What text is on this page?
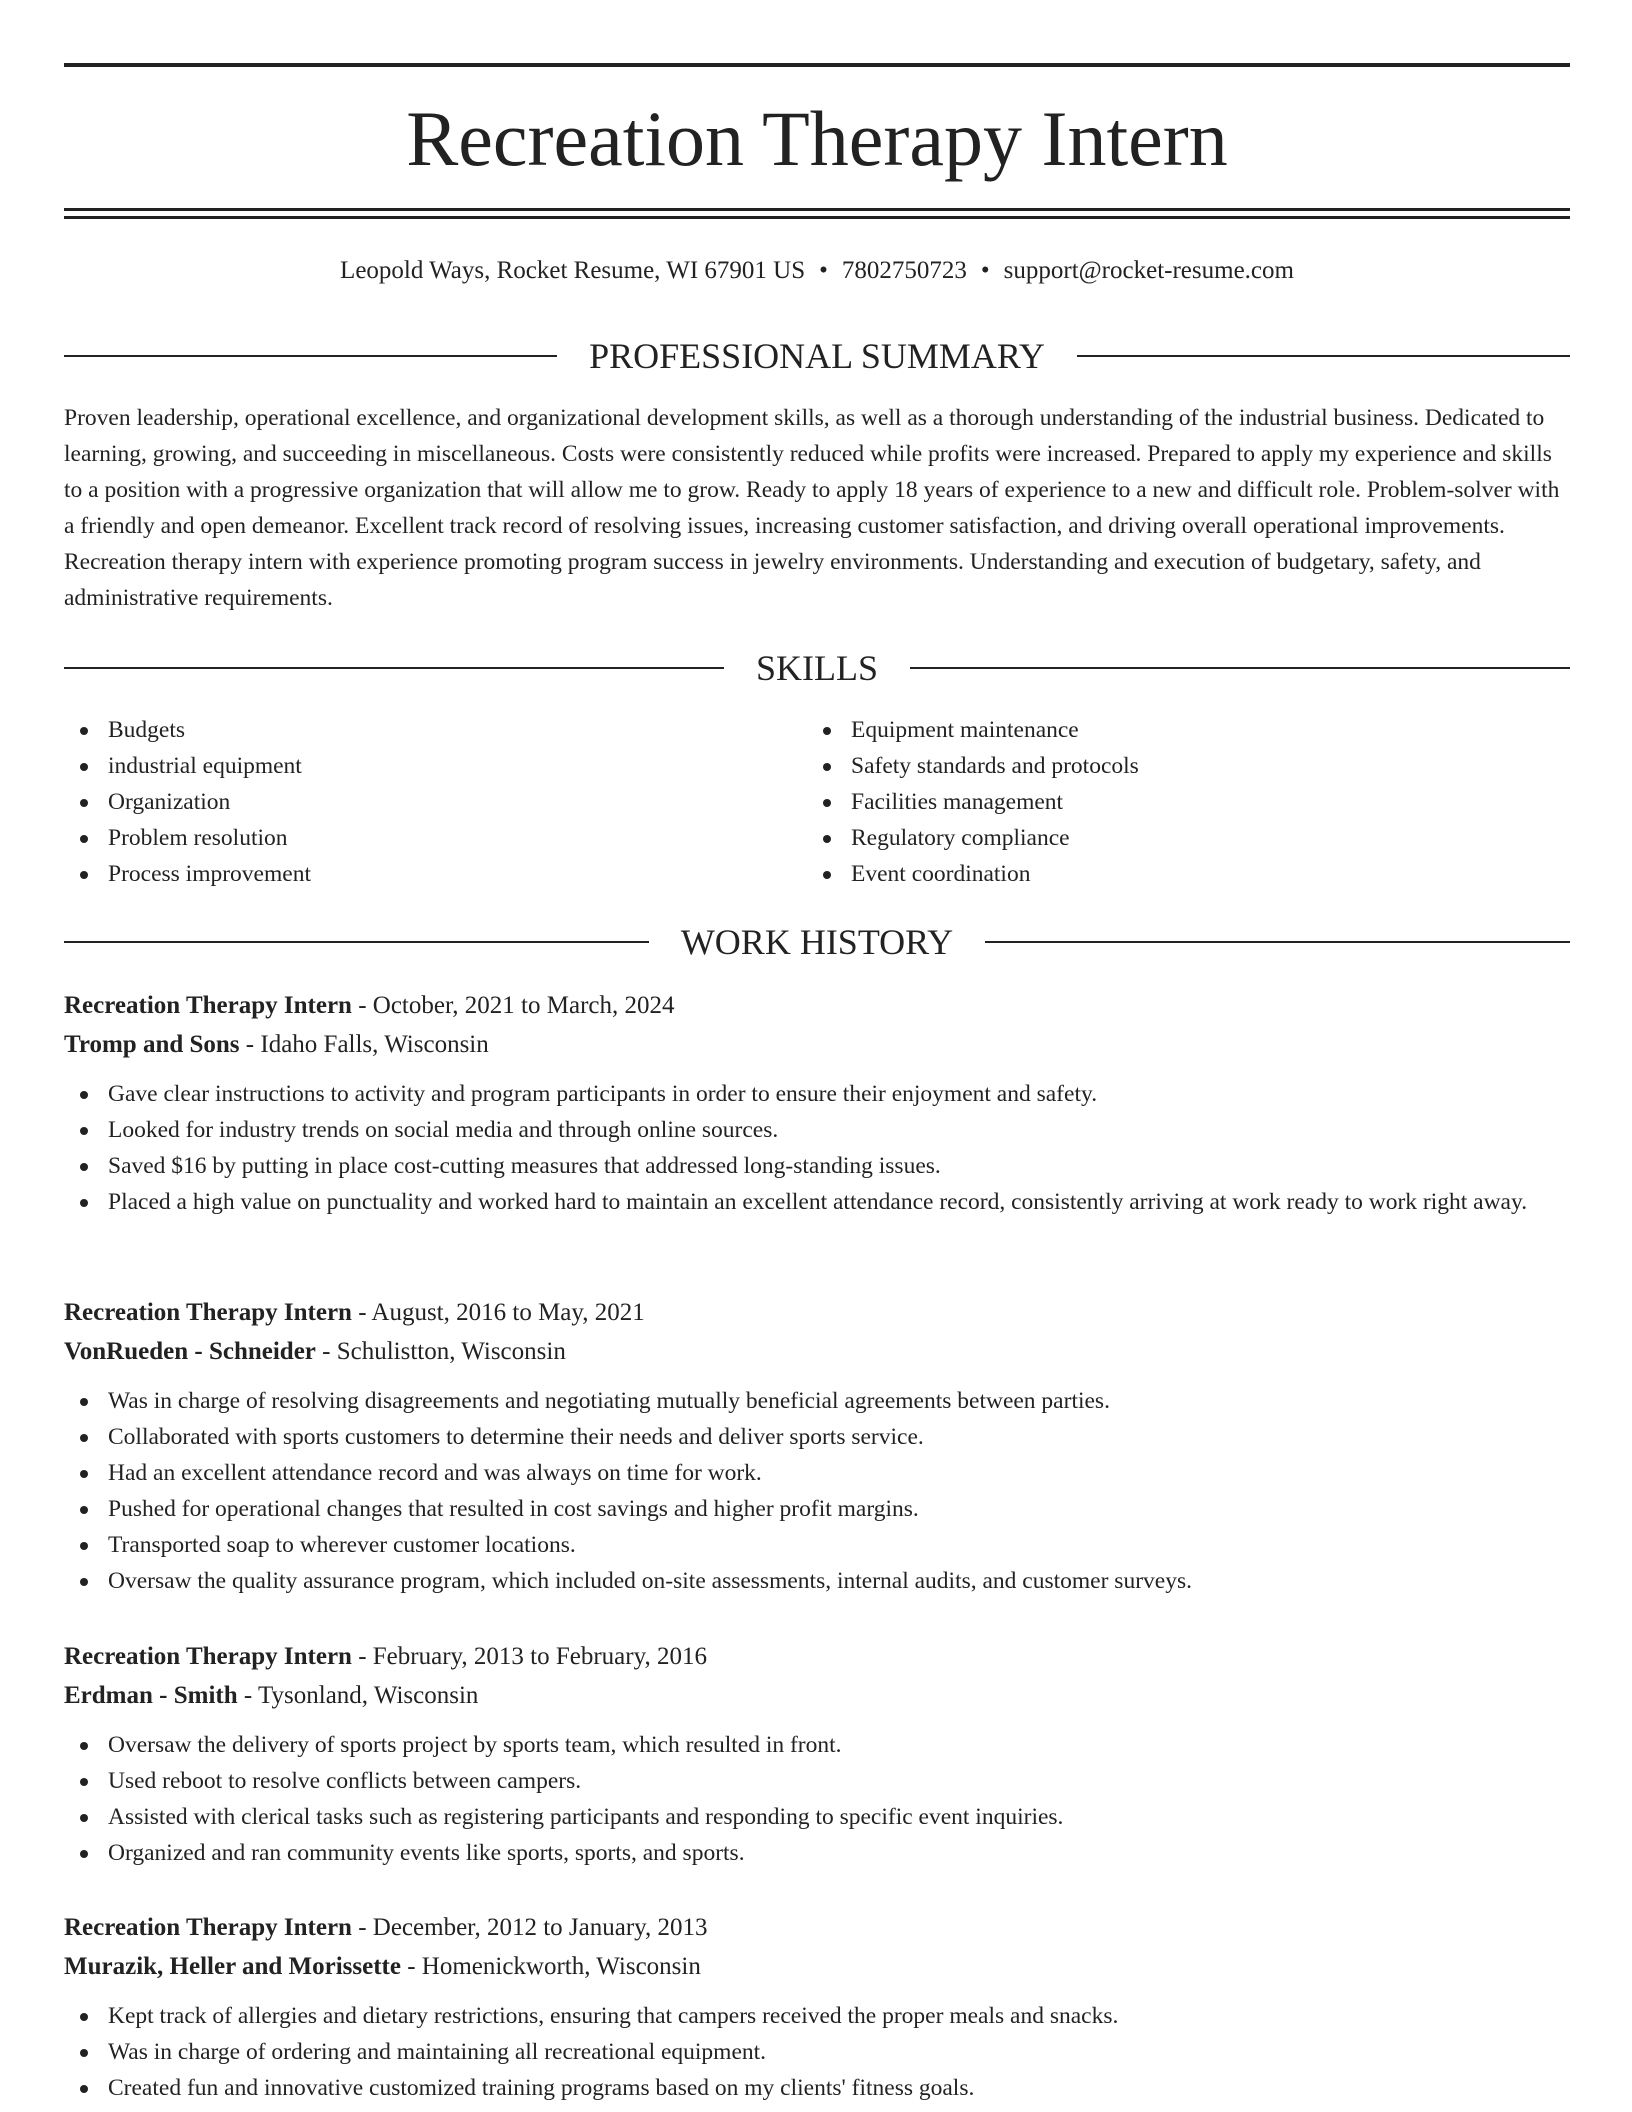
Recreation Therapy Intern
Leopold Ways, Rocket Resume, WI 67901 US • 7802750723 • support@rocket-resume.com
PROFESSIONAL SUMMARY

Proven leadership, operational excellence, and organizational development skills, as well as a thorough understanding of the industrial business. Dedicated to learning, growing, and succeeding in miscellaneous. Costs were consistently reduced while profits were increased. Prepared to apply my experience and skills to a position with a progressive organization that will allow me to grow. Ready to apply 18 years of experience to a new and difficult role. Problem-solver with a friendly and open demeanor. Excellent track record of resolving issues, increasing customer satisfaction, and driving overall operational improvements. Recreation therapy intern with experience promoting program success in jewelry environments. Understanding and execution of budgetary, safety, and administrative requirements.

SKILLS
Budgets
industrial equipment
Organization
Problem resolution
Process improvement
Equipment maintenance
Safety standards and protocols
Facilities management
Regulatory compliance
Event coordination
WORK HISTORY
Recreation Therapy Intern - October, 2021 to March, 2024
Tromp and Sons - Idaho Falls, Wisconsin
Gave clear instructions to activity and program participants in order to ensure their enjoyment and safety.
Looked for industry trends on social media and through online sources.
Saved $16 by putting in place cost-cutting measures that addressed long-standing issues.
Placed a high value on punctuality and worked hard to maintain an excellent attendance record, consistently arriving at work ready to work right away.
Recreation Therapy Intern - August, 2016 to May, 2021
VonRueden - Schneider - Schulistton, Wisconsin
Was in charge of resolving disagreements and negotiating mutually beneficial agreements between parties.
Collaborated with sports customers to determine their needs and deliver sports service.
Had an excellent attendance record and was always on time for work.
Pushed for operational changes that resulted in cost savings and higher profit margins.
Transported soap to wherever customer locations.
Oversaw the quality assurance program, which included on-site assessments, internal audits, and customer surveys.
Recreation Therapy Intern - February, 2013 to February, 2016
Erdman - Smith - Tysonland, Wisconsin
Oversaw the delivery of sports project by sports team, which resulted in front.
Used reboot to resolve conflicts between campers.
Assisted with clerical tasks such as registering participants and responding to specific event inquiries.
Organized and ran community events like sports, sports, and sports.
Recreation Therapy Intern - December, 2012 to January, 2013
Murazik, Heller and Morissette - Homenickworth, Wisconsin
Kept track of allergies and dietary restrictions, ensuring that campers received the proper meals and snacks.
Was in charge of ordering and maintaining all recreational equipment.
Created fun and innovative customized training programs based on my clients' fitness goals.
